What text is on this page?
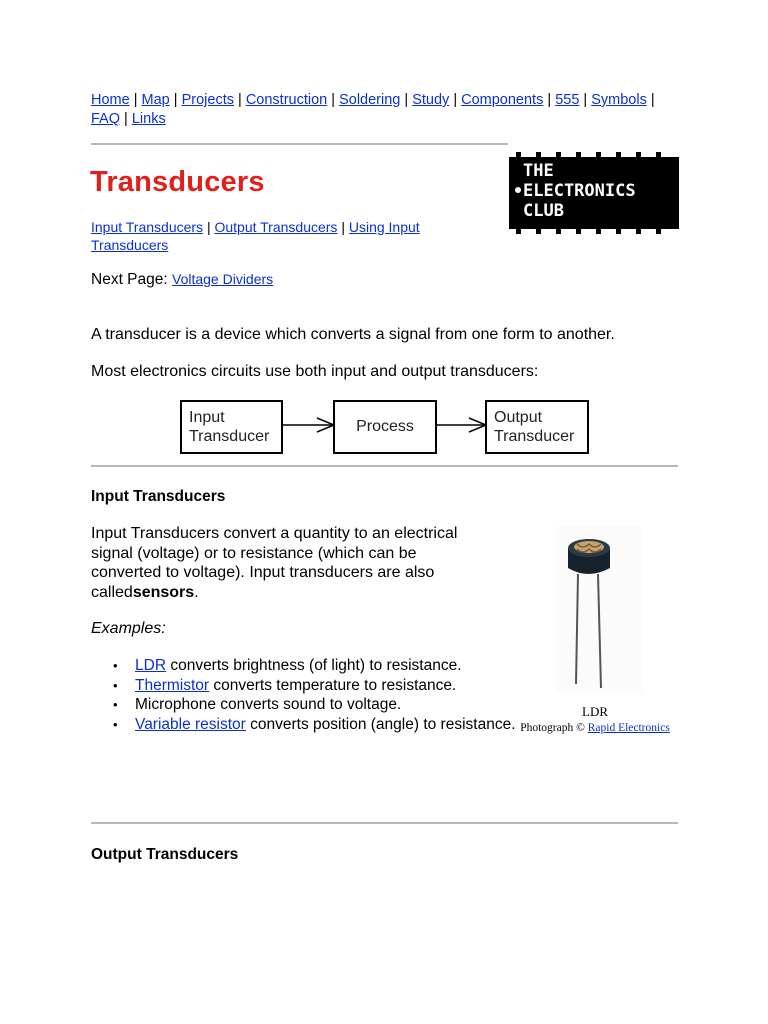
Home | Map | Projects | Construction | Soldering | Study | Components | 555 | Symbols | FAQ | Links
THE
ELECTRONICS
CLUB
Transducers
Input Transducers | Output Transducers | Using Input Transducers
Next Page: Voltage Dividers

A transducer is a device which converts a signal from one form to another.

Most electronics circuits use both input and output transducers:

Input
Transducer
Process
Output
Transducer
Input Transducers
Input Transducers convert a quantity to an electrical signal (voltage) or to resistance (which can be converted to voltage). Input transducers are also calledsensors.
Examples:
• LDR converts brightness (of light) to resistance.
• Thermistor converts temperature to resistance.
• Microphone converts sound to voltage.
• Variable resistor converts position (angle) to resistance.
LDR
Photograph © Rapid Electronics
Output Transducers
